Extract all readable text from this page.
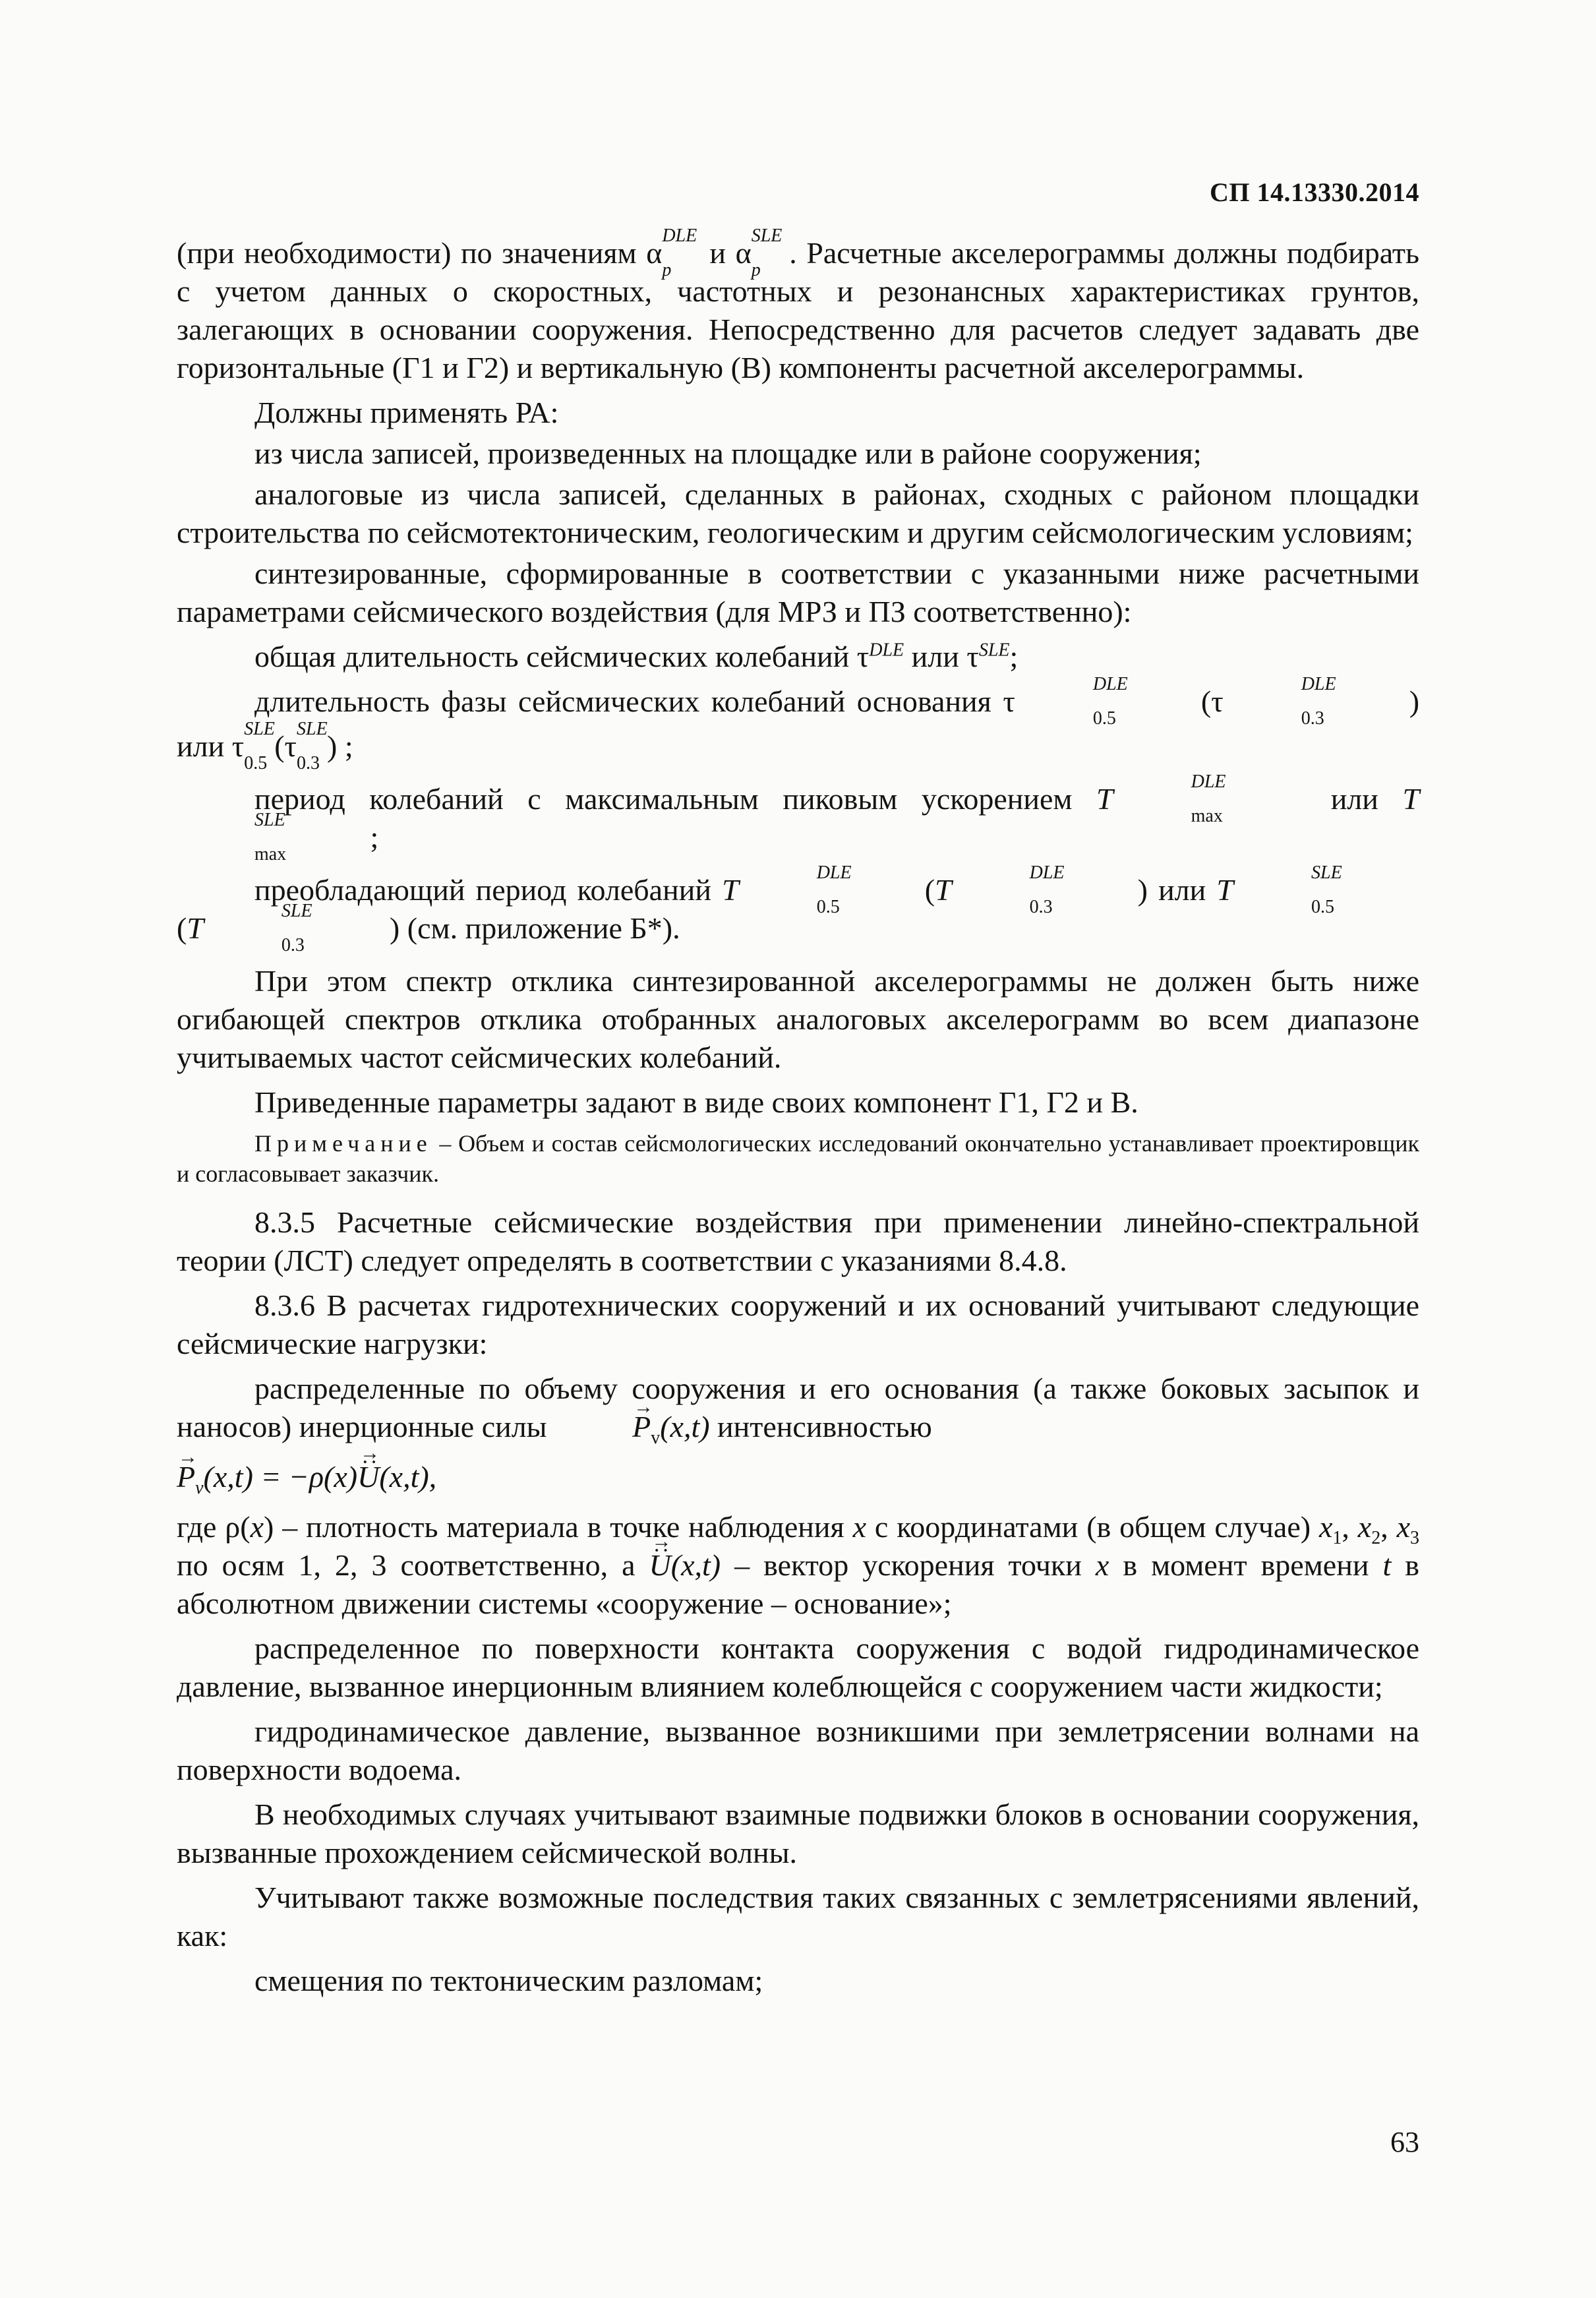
СП 14.13330.2014

(при необходимости) по значениям α
DLE
p
и α
SLE
p
. Расчетные акселерограммы должны подбирать с учетом данных о скоростных, частотных и резонансных характеристиках грунтов, залегающих в основании сооружения. Непосредственно для расчетов следует задавать две горизонтальные (Г1 и Г2) и вертикальную (В) компоненты расчетной акселерограммы.

Должны применять РА:

из числа записей, произведенных на площадке или в районе сооружения;

аналоговые из числа записей, сделанных в районах, сходных с районом площадки строительства по сейсмотектоническим, геологическим и другим сейсмологическим условиям;

синтезированные, сформированные в соответствии с указанными ниже расчетными параметрами сейсмического воздействия (для МРЗ и ПЗ соответственно):

общая длительность сейсмических колебаний $\tau^{DLE}$ или $\tau^{SLE}$;

длительность фазы сейсмических колебаний основания τ
DLE
0.5
(τ
DLE
0.3
)

или τ
SLE
0.5
(τ
SLE
0.3
) ;

период колебаний с максимальным пиковым ускорением T
DLE
max
или T
SLE
max
;

преобладающий период колебаний T
DLE
0.5
(T
DLE
0.3
) или T
SLE
0.5
(T
SLE
0.3
) (см. приложение Б*).

При этом спектр отклика синтезированной акселерограммы не должен быть ниже огибающей спектров отклика отобранных аналоговых акселерограмм во всем диапазоне учитываемых частот сейсмических колебаний.

Приведенные параметры задают в виде своих компонент Г1, Г2 и В.

Примечание – Объем и состав сейсмологических исследований окончательно устанавливает проектировщик и согласовывает заказчик.

8.3.5 Расчетные сейсмические воздействия при применении линейно-спектральной теории (ЛСТ) следует определять в соответствии с указаниями 8.4.8.

8.3.6 В расчетах гидротехнических сооружений и их оснований учитывают следующие сейсмические нагрузки:

распределенные по объему сооружения и его основания (а также боковых засыпок и наносов) инерционные силы	→ $P_v(x,t)$ интенсивностью

→ $P_v(x,t) = -\rho(x)\to U \cdot\cdot(x,t)$,

где ρ(x) – плотность материала в точке наблюдения x с координатами (в общем случае) $x_1$, $x_2$, $x_3$ по осям 1, 2, 3 соответственно, а → U ··(x,t) – вектор ускорения точки x в момент времени t в абсолютном движении системы «сооружение – основание»;

распределенное по поверхности контакта сооружения с водой гидродинамическое давление, вызванное инерционным влиянием колеблющейся с сооружением части жидкости;

гидродинамическое давление, вызванное возникшими при землетрясении волнами на поверхности водоема.

В необходимых случаях учитывают взаимные подвижки блоков в основании сооружения, вызванные прохождением сейсмической волны.

Учитывают также возможные последствия таких связанных с землетрясениями явлений, как:

смещения по тектоническим разломам;

63
